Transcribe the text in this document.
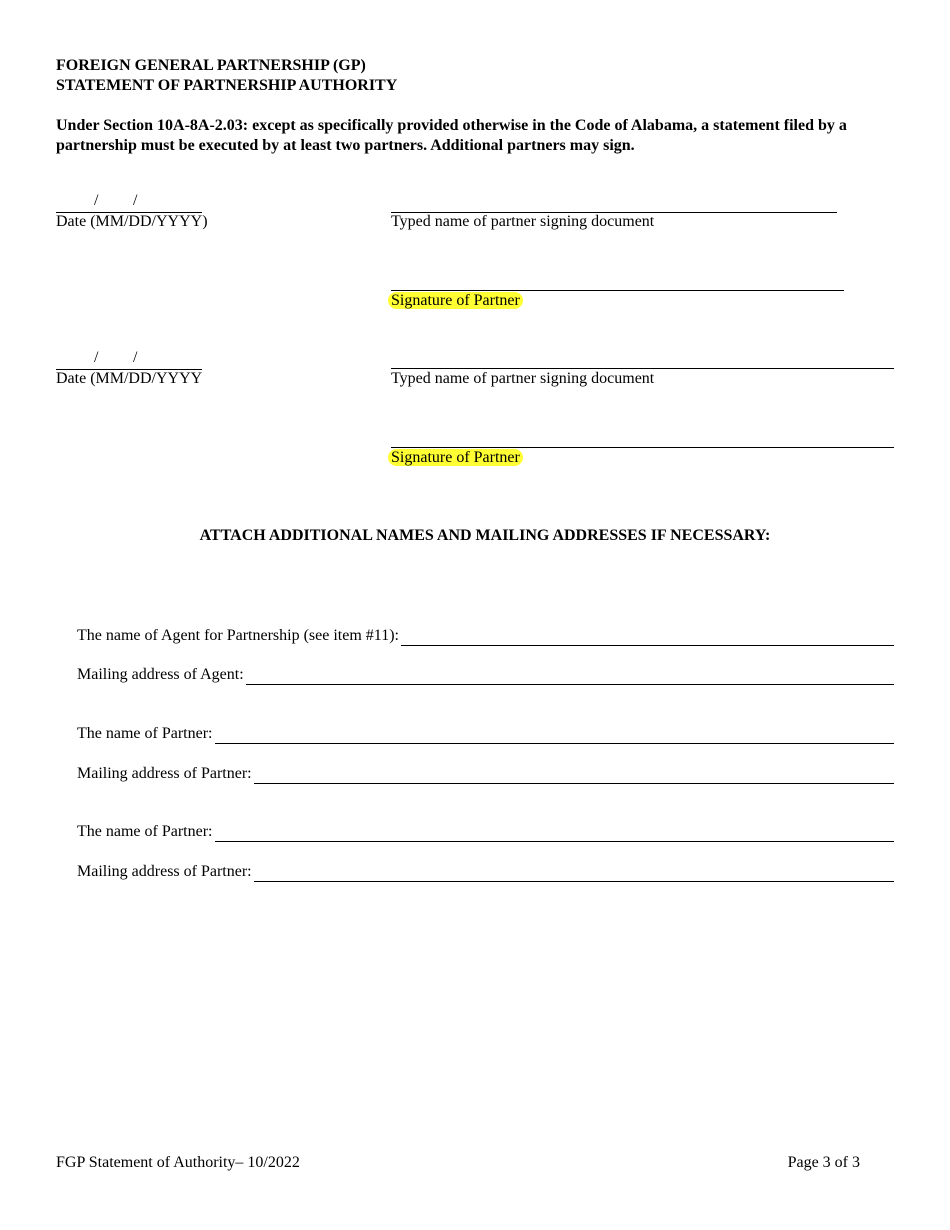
FOREIGN GENERAL PARTNERSHIP (GP)
STATEMENT OF PARTNERSHIP AUTHORITY
Under Section 10A-8A-2.03: except as specifically provided otherwise in the Code of Alabama, a statement filed by a partnership must be executed by at least two partners. Additional partners may sign.
/ /
Date (MM/DD/YYYY)	Typed name of partner signing document
Signature of Partner
/ /
Date (MM/DD/YYYY	Typed name of partner signing document
Signature of Partner
ATTACH ADDITIONAL NAMES AND MAILING ADDRESSES IF NECESSARY:
The name of Agent for Partnership (see item #11):
Mailing address of Agent:
The name of Partner:
Mailing address of Partner:
The name of Partner:
Mailing address of Partner:
FGP Statement of Authority– 10/2022	Page 3 of 3
